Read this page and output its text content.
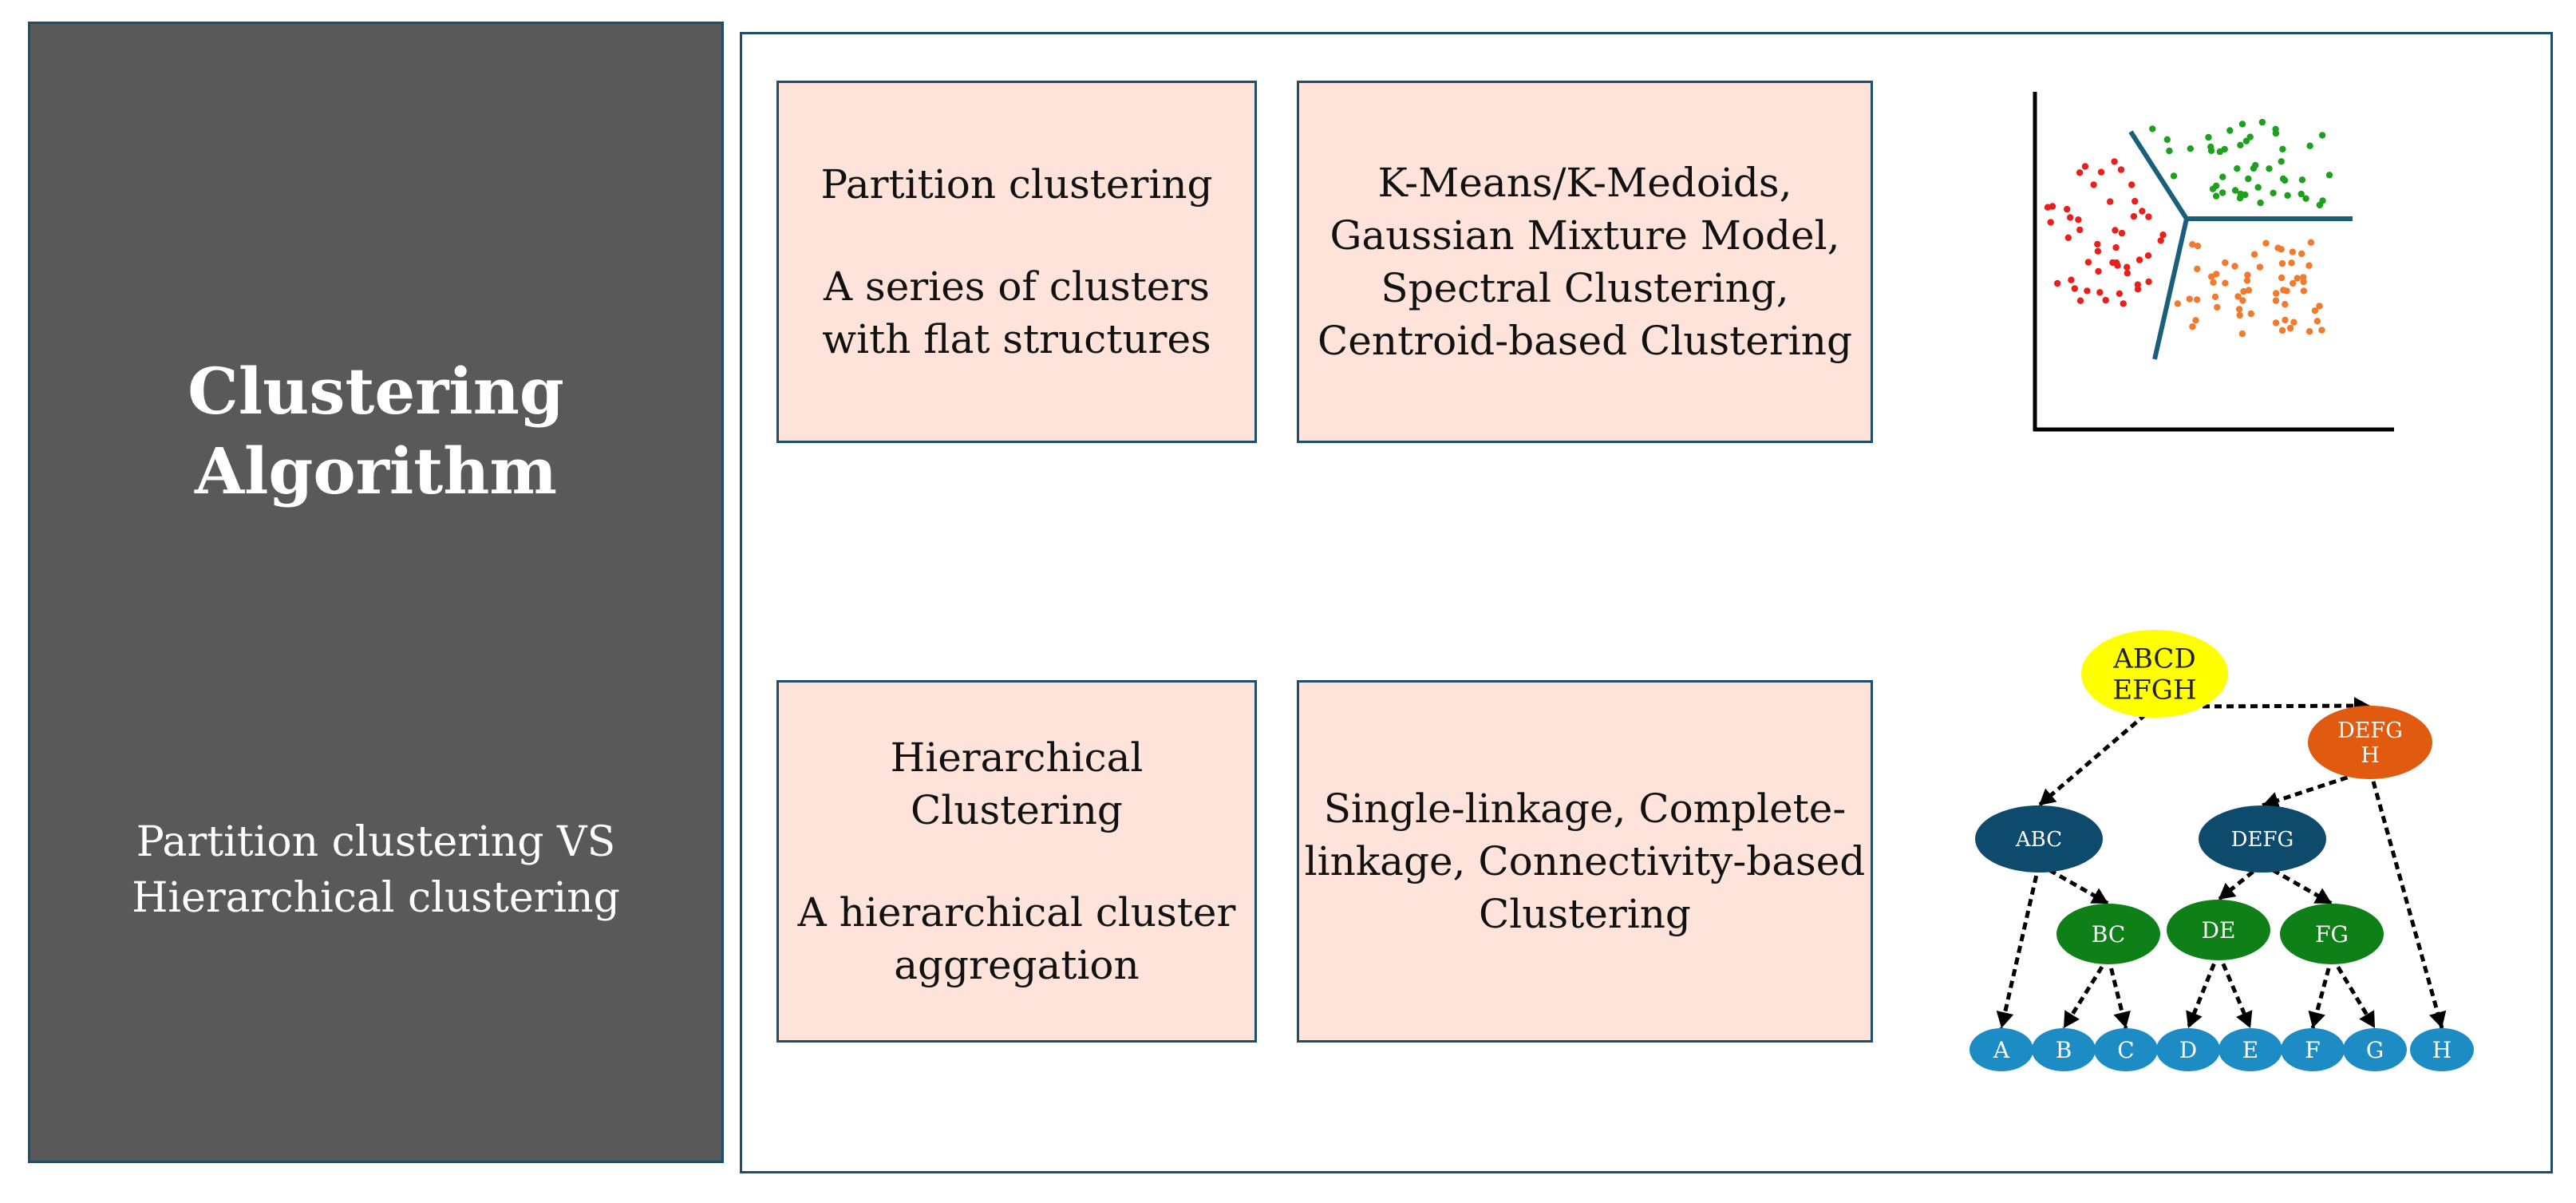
Clustering Algorithm
Partition clustering VS
Hierarchical clustering
Partition clustering
A series of clusters
with flat structures
K-Means/K-Medoids,
Gaussian Mixture Model,
Spectral Clustering,
Centroid-based Clustering
Hierarchical
Clustering
A hierarchical cluster
aggregation
Single-linkage, Complete-
linkage, Connectivity-based
Clustering
ABCD
EFGH
DEFG
H
ABC	DEFG
BC	DE	FG
A B C D E F G H
